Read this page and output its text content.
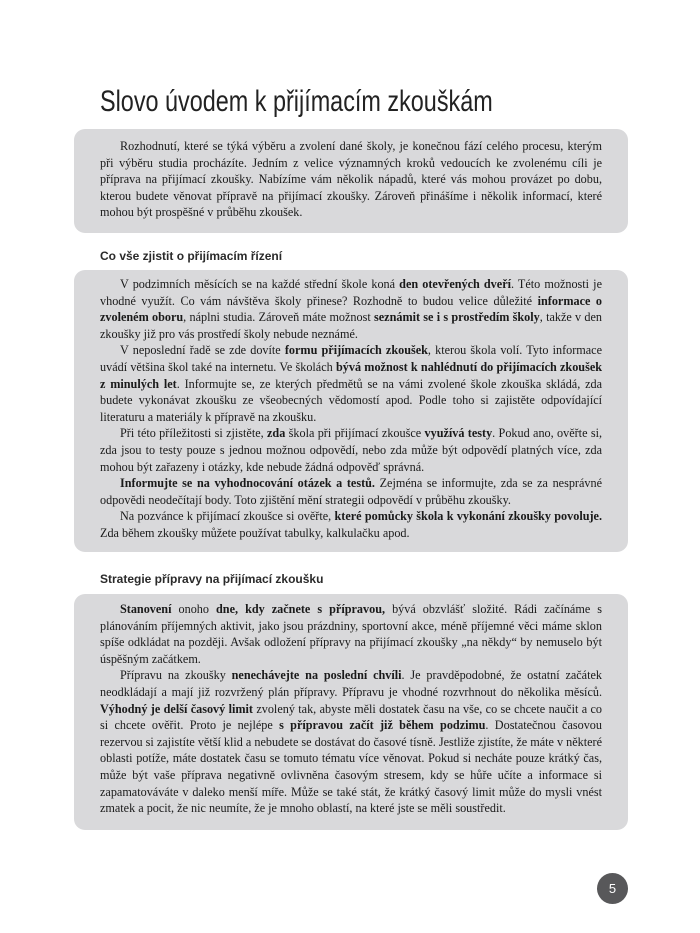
Slovo úvodem k přijímacím zkouškám

Rozhodnutí, které se týká výběru a zvolení dané školy, je konečnou fází celého procesu, kterým při výběru studia procházíte. Jedním z velice významných kroků vedoucích ke zvolenému cíli je příprava na přijímací zkoušky. Nabízíme vám několik nápadů, které vás mohou provázet po dobu, kterou budete věnovat přípravě na přijímací zkoušky. Zároveň přinášíme i několik informací, které mohou být prospěšné v průběhu zkoušek.

Co vše zjistit o přijímacím řízení

V podzimních měsících se na každé střední škole koná den otevřených dveří. Této možnosti je vhodné využít. Co vám návštěva školy přinese? Rozhodně to budou velice důležité informace o zvoleném oboru, náplni studia. Zároveň máte možnost seznámit se i s prostředím školy, takže v den zkoušky již pro vás prostředí školy nebude neznámé.

V neposlední řadě se zde dovíte formu přijímacích zkoušek, kterou škola volí. Tyto informace uvádí většina škol také na internetu. Ve školách bývá možnost k nahlédnutí do přijímacích zkoušek z minulých let. Informujte se, ze kterých předmětů se na vámi zvolené škole zkouška skládá, zda budete vykonávat zkoušku ze všeobecných vědomostí apod. Podle toho si zajistěte odpovídající literaturu a materiály k přípravě na zkoušku.

Při této příležitosti si zjistěte, zda škola při přijímací zkoušce využívá testy. Pokud ano, ověřte si, zda jsou to testy pouze s jednou možnou odpovědí, nebo zda může být odpovědí platných více, zda mohou být zařazeny i otázky, kde nebude žádná odpověď správná.

Informujte se na vyhodnocování otázek a testů. Zejména se informujte, zda se za nesprávné odpovědi neodečítají body. Toto zjištění mění strategii odpovědí v průběhu zkoušky.

Na pozvánce k přijímací zkoušce si ověřte, které pomůcky škola k vykonání zkoušky povoluje. Zda během zkoušky můžete používat tabulky, kalkulačku apod.

Strategie přípravy na přijímací zkoušku

Stanovení onoho dne, kdy začnete s přípravou, bývá obzvlášť složité. Rádi začínáme s plánováním příjemných aktivit, jako jsou prázdniny, sportovní akce, méně příjemné věci máme sklon spíše odkládat na později. Avšak odložení přípravy na přijímací zkoušky „na někdy“ by nemuselo být úspěšným začátkem.

Přípravu na zkoušky nenechávejte na poslední chvíli. Je pravděpodobné, že ostatní začátek neodkládají a mají již rozvržený plán přípravy. Přípravu je vhodné rozvrhnout do několika měsíců. Výhodný je delší časový limit zvolený tak, abyste měli dostatek času na vše, co se chcete naučit a co si chcete ověřit. Proto je nejlépe s přípravou začít již během podzimu. Dostatečnou časovou rezervou si zajistíte větší klid a nebudete se dostávat do časové tísně. Jestliže zjistíte, že máte v některé oblasti potíže, máte dostatek času se tomuto tématu více věnovat. Pokud si necháte pouze krátký čas, může být vaše příprava negativně ovlivněna časovým stresem, kdy se hůře učíte a informace si zapamatováváte v daleko menší míře. Může se také stát, že krátký časový limit může do mysli vnést zmatek a pocit, že nic neumíte, že je mnoho oblastí, na které jste se měli soustředit.

5
